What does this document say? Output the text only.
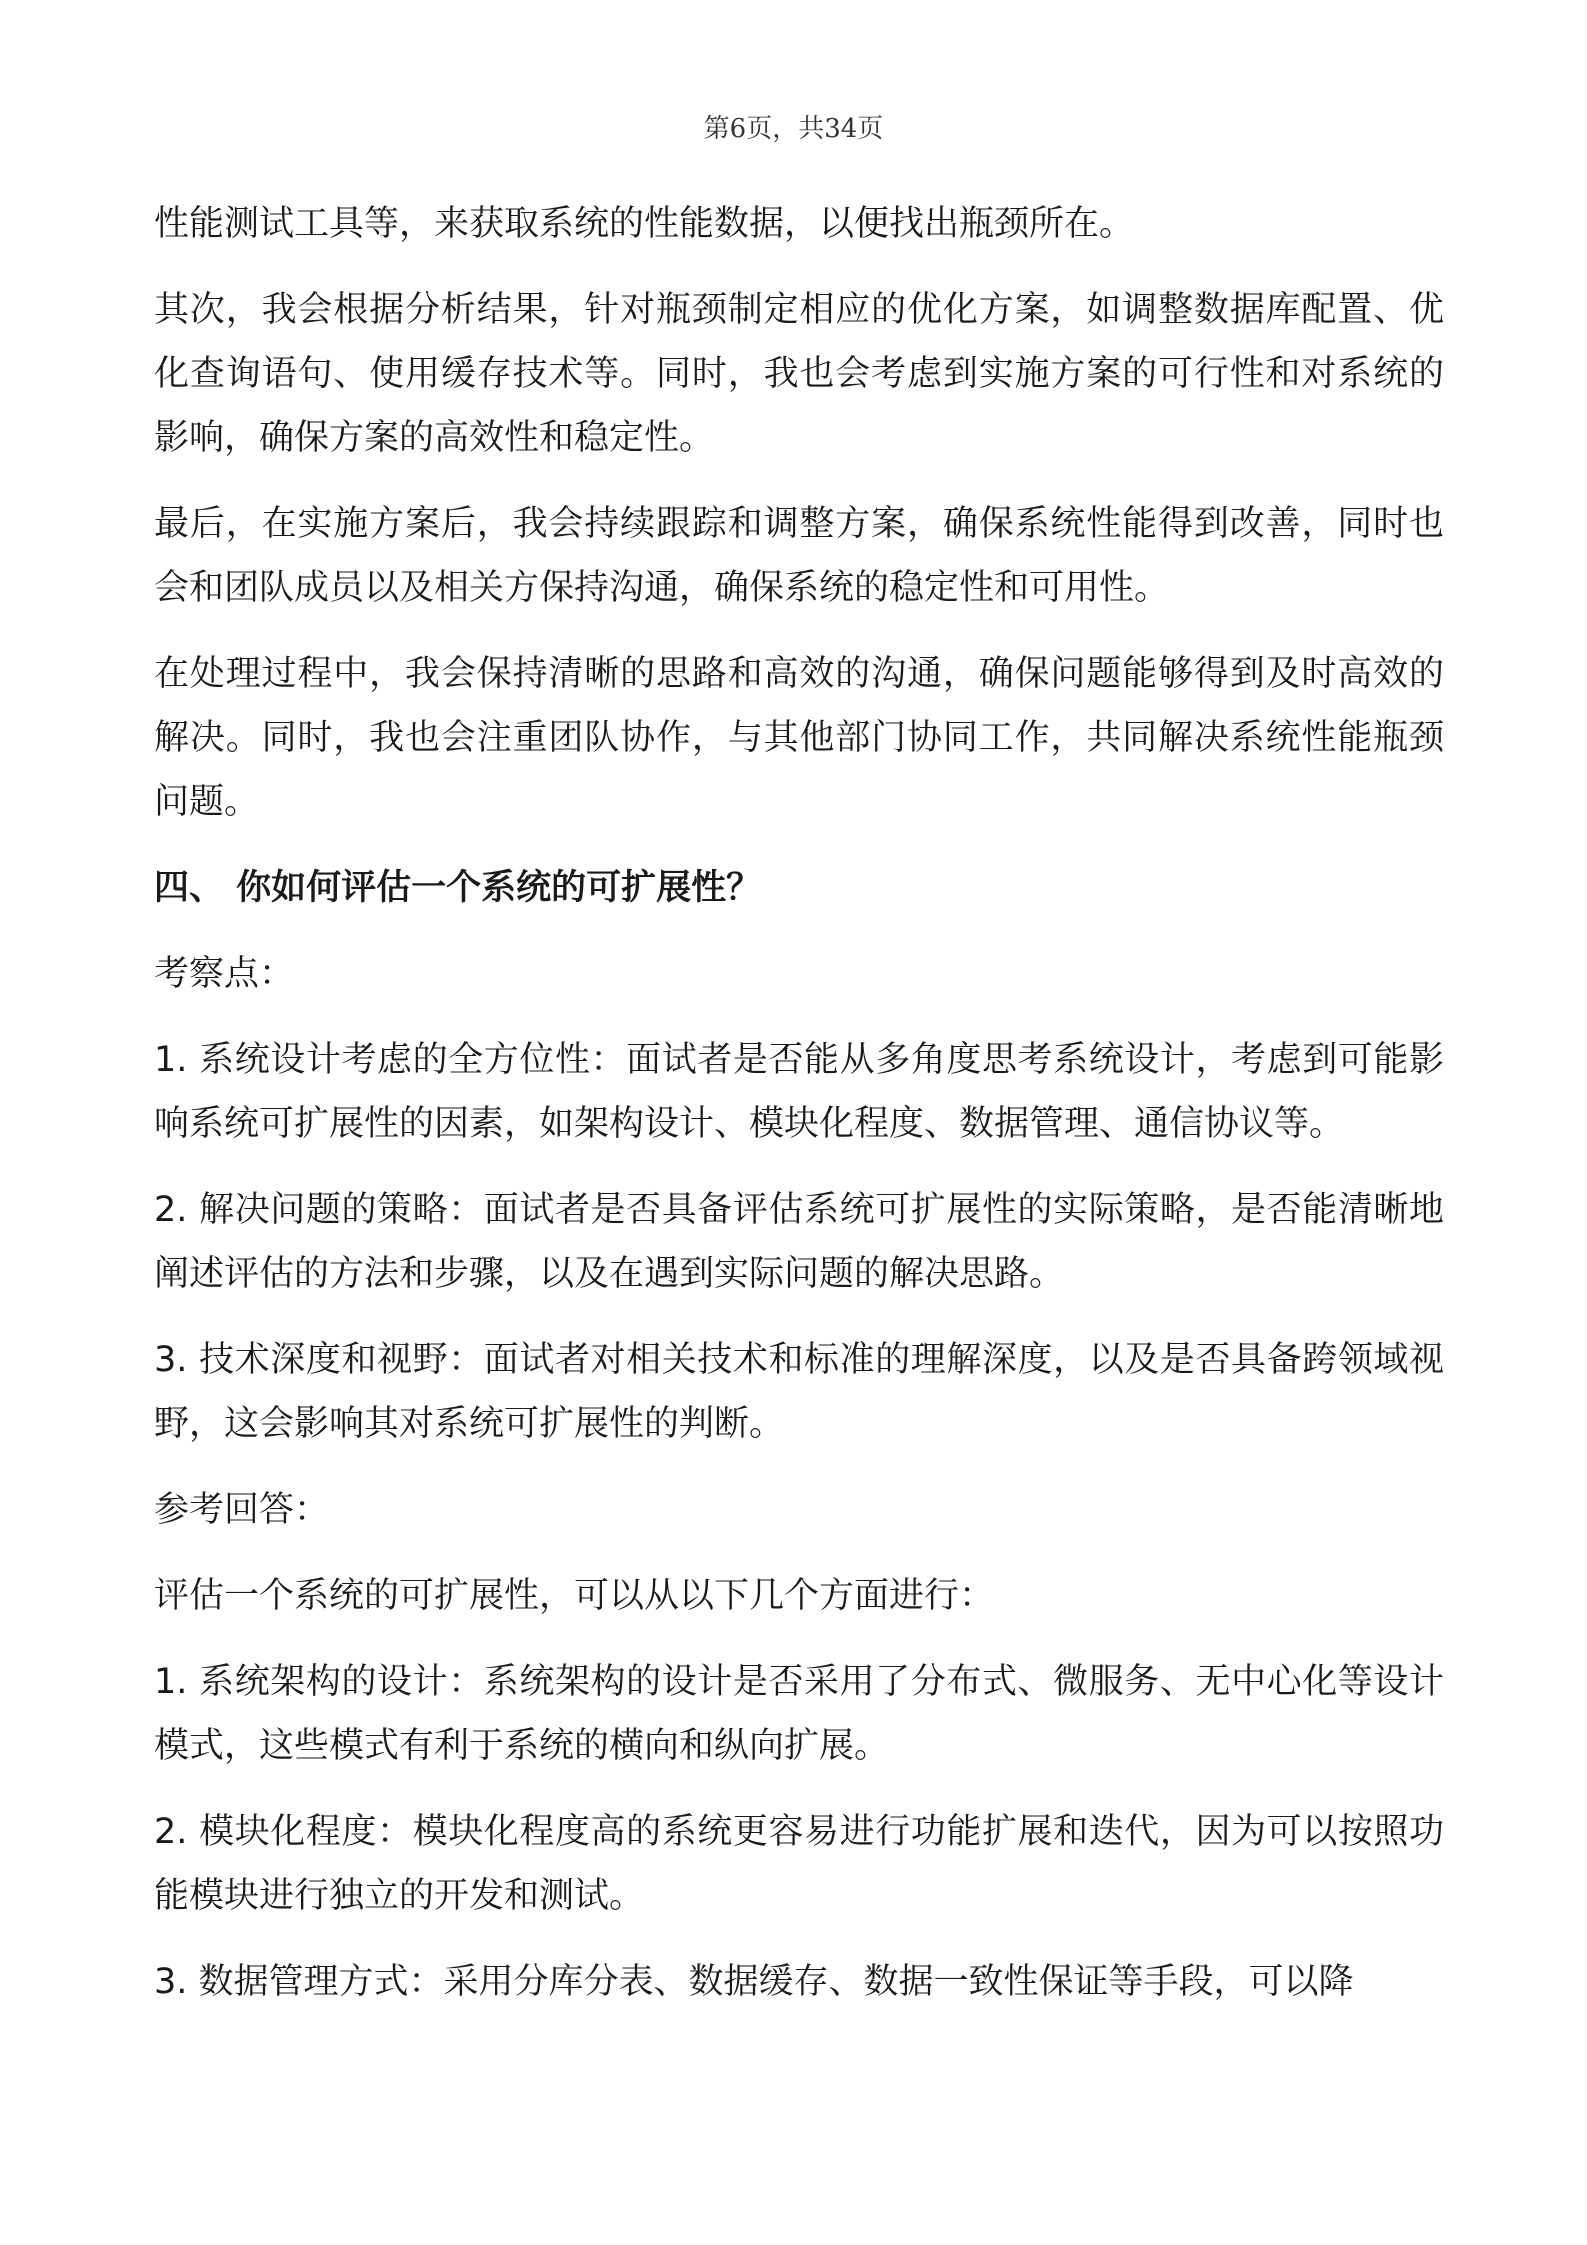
第6页，共34页

性能测试工具等，来获取系统的性能数据，以便找出瓶颈所在。

其次，我会根据分析结果，针对瓶颈制定相应的优化方案，如调整数据库配置、优化查询语句、使用缓存技术等。同时，我也会考虑到实施方案的可行性和对系统的影响，确保方案的高效性和稳定性。

最后，在实施方案后，我会持续跟踪和调整方案，确保系统性能得到改善，同时也会和团队成员以及相关方保持沟通，确保系统的稳定性和可用性。

在处理过程中，我会保持清晰的思路和高效的沟通，确保问题能够得到及时高效的解决。同时，我也会注重团队协作，与其他部门协同工作，共同解决系统性能瓶颈问题。

四、 你如何评估一个系统的可扩展性？

考察点：

1. 系统设计考虑的全方位性：面试者是否能从多角度思考系统设计，考虑到可能影响系统可扩展性的因素，如架构设计、模块化程度、数据管理、通信协议等。

2. 解决问题的策略：面试者是否具备评估系统可扩展性的实际策略，是否能清晰地阐述评估的方法和步骤，以及在遇到实际问题的解决思路。

3. 技术深度和视野：面试者对相关技术和标准的理解深度，以及是否具备跨领域视野，这会影响其对系统可扩展性的判断。

参考回答：

评估一个系统的可扩展性，可以从以下几个方面进行：

1. 系统架构的设计：系统架构的设计是否采用了分布式、微服务、无中心化等设计模式，这些模式有利于系统的横向和纵向扩展。

2. 模块化程度：模块化程度高的系统更容易进行功能扩展和迭代，因为可以按照功能模块进行独立的开发和测试。

3. 数据管理方式：采用分库分表、数据缓存、数据一致性保证等手段，可以降
